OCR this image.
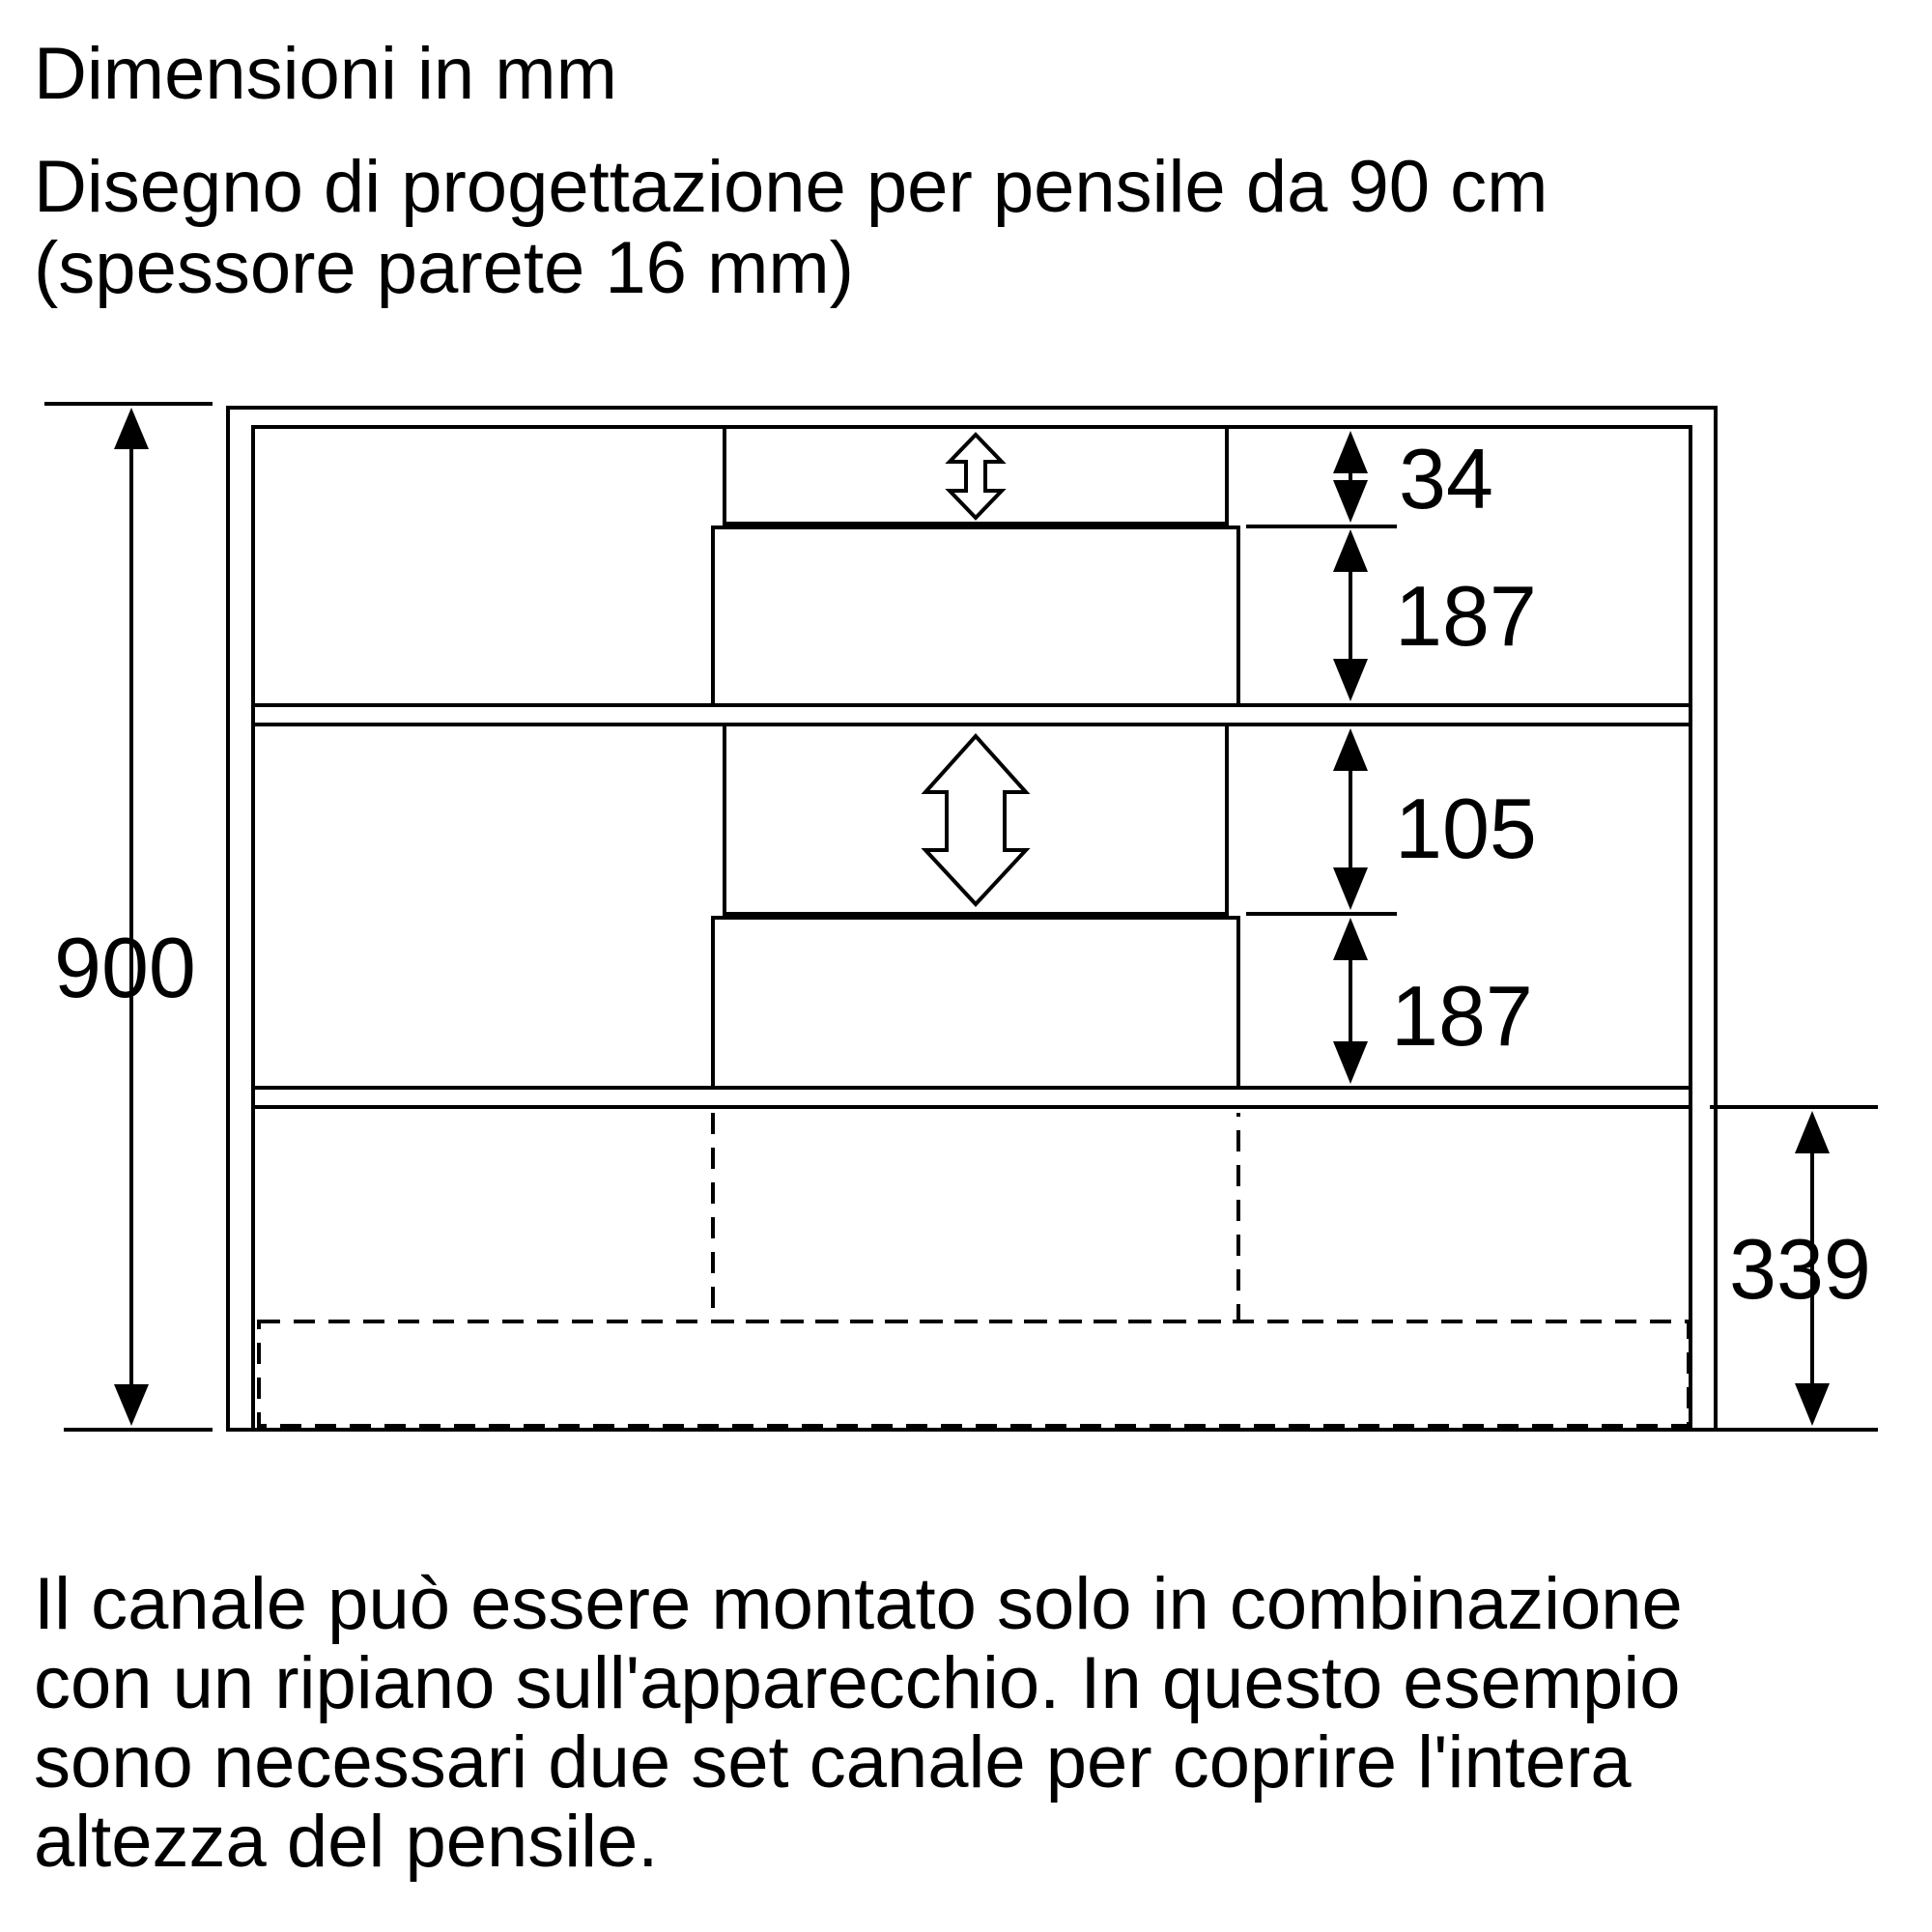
Dimensioni in mm

Disegno di progettazione per pensile da 90 cm
(spessore parete 16 mm)

900
34
187
105
187
339

Il canale può essere montato solo in combinazione
con un ripiano sull'apparecchio. In questo esempio
sono necessari due set canale per coprire l'intera
altezza del pensile.
